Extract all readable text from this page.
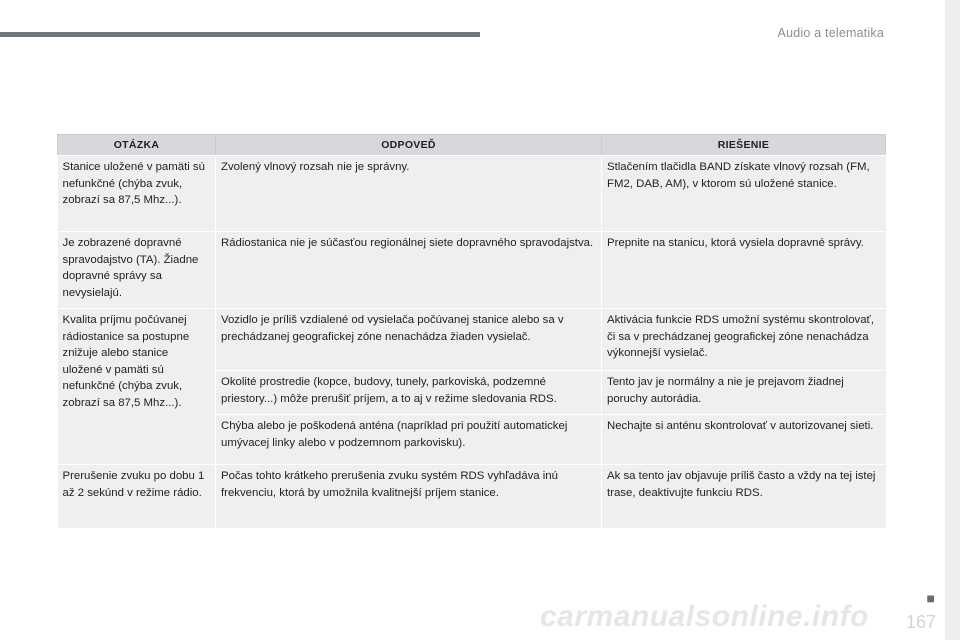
Audio a telematika
OTÁZKA	ODPOVEĎ	RIEŠENIE
Stanice uložené v pamäti sú nefunkčné (chýba zvuk, zobrazí sa 87,5 Mhz...).	Zvolený vlnový rozsah nie je správny.	Stlačením tlačidla BAND získate vlnový rozsah (FM, FM2, DAB, AM), v ktorom sú uložené stanice.
Je zobrazené dopravné spravodajstvo (TA). Žiadne dopravné správy sa nevysielajú.	Rádiostanica nie je súčasťou regionálnej siete dopravného spravodajstva.	Prepnite na stanicu, ktorá vysiela dopravné správy.
Kvalita príjmu počúvanej rádiostanice sa postupne znižuje alebo stanice uložené v pamäti sú nefunkčné (chýba zvuk, zobrazí sa 87,5 Mhz...).	Vozidlo je príliš vzdialené od vysielača počúvanej stanice alebo sa v prechádzanej geografickej zóne nenachádza žiaden vysielač.	Aktivácia funkcie RDS umožní systému skontrolovať, či sa v prechádzanej geografickej zóne nenachádza výkonnejší vysielač.
	Okolité prostredie (kopce, budovy, tunely, parkoviská, podzemné priestory...) môže prerušiť príjem, a to aj v režime sledovania RDS.	Tento jav je normálny a nie je prejavom žiadnej poruchy autorádia.
	Chýba alebo je poškodená anténa (napríklad pri použití automatickej umývacej linky alebo v podzemnom parkovisku).	Nechajte si anténu skontrolovať v autorizovanej sieti.
Prerušenie zvuku po dobu 1 až 2 sekúnd v režime rádio.	Počas tohto krátkeho prerušenia zvuku systém RDS vyhľadáva inú frekvenciu, ktorá by umožnila kvalitnejší príjem stanice.	Ak sa tento jav objavuje príliš často a vždy na tej istej trase, deaktivujte funkciu RDS.
carmanualsonline.info
■
167
